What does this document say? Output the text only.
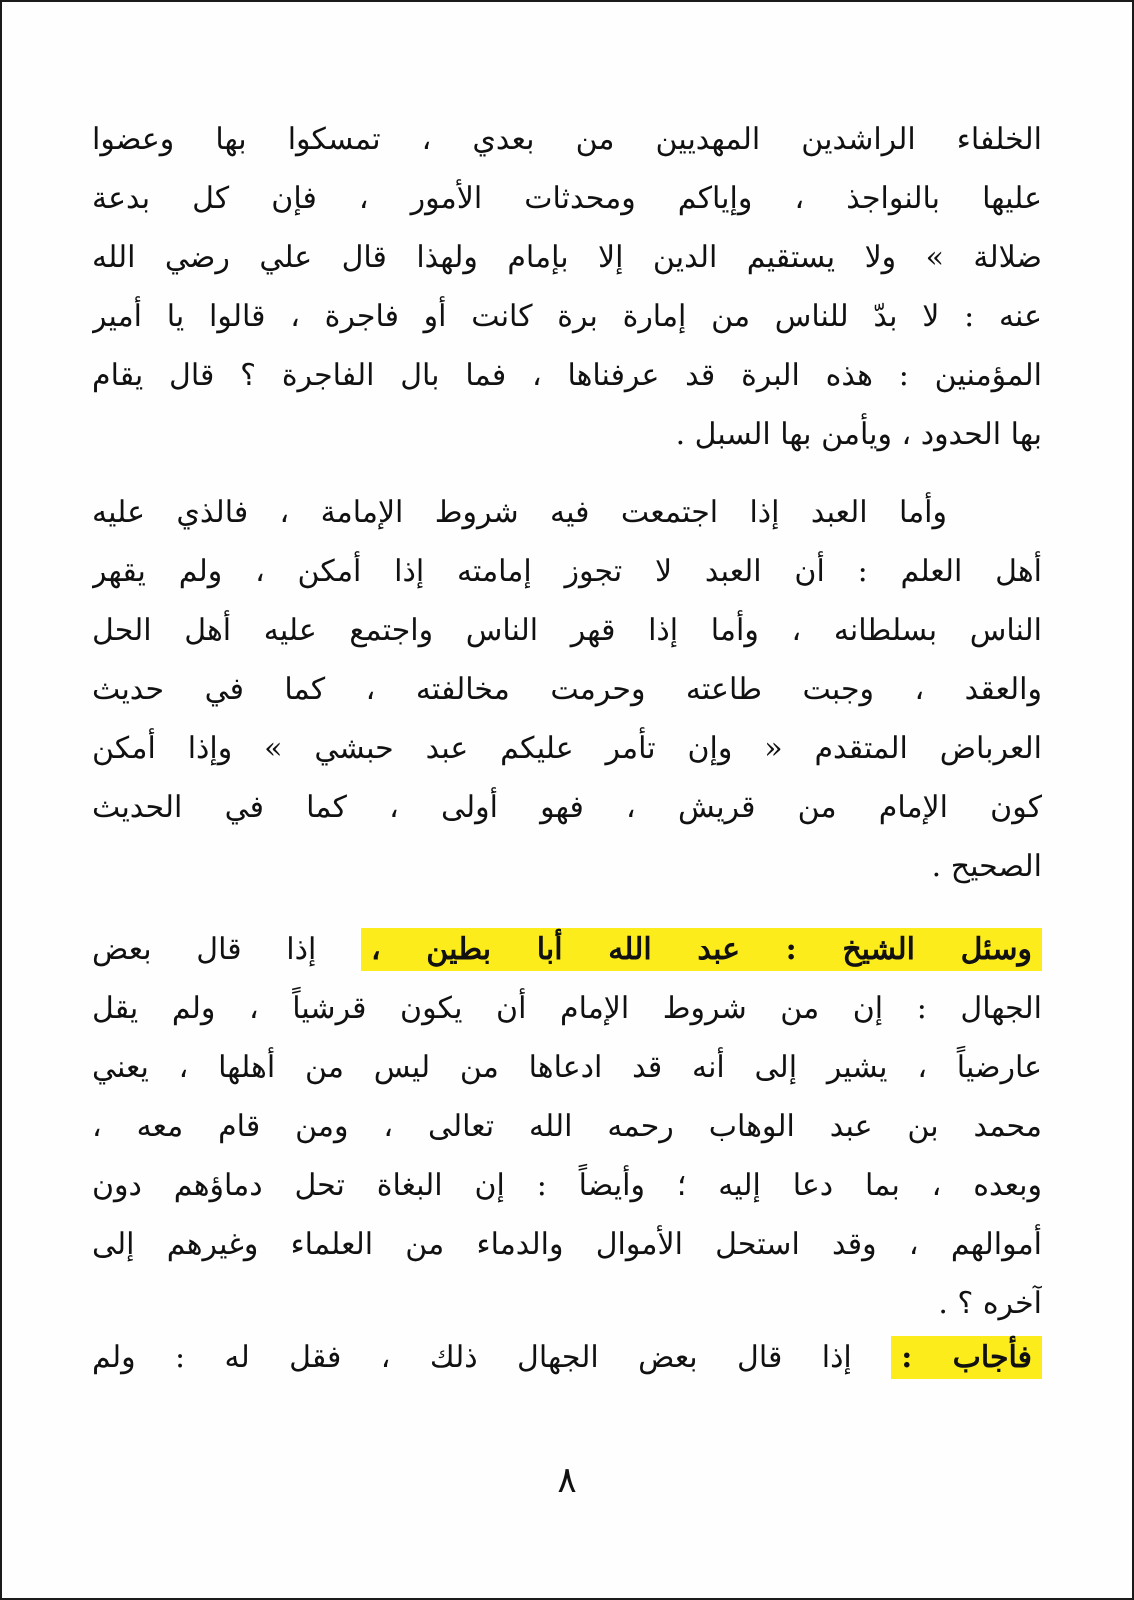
الخلفاء الراشدين المهديين من بعدي ، تمسكوا بها وعضوا
عليها بالنواجذ ، وإياكم ومحدثات الأمور ، فإن كل بدعة
ضلالة » ولا يستقيم الدين إلا بإمام ولهذا قال علي رضي الله
عنه : لا بدّ للناس من إمارة برة كانت أو فاجرة ، قالوا يا أمير
المؤمنين : هذه البرة قد عرفناها ، فما بال الفاجرة ؟ قال يقام
بها الحدود ، ويأمن بها السبل .
وأما العبد إذا اجتمعت فيه شروط الإمامة ، فالذي عليه
أهل العلم : أن العبد لا تجوز إمامته إذا أمكن ، ولم يقهر
الناس بسلطانه ، وأما إذا قهر الناس واجتمع عليه أهل الحل
والعقد ، وجبت طاعته وحرمت مخالفته ، كما في حديث
العرباض المتقدم « وإن تأمر عليكم عبد حبشي » وإذا أمكن
كون الإمام من قريش ، فهو أولى ، كما في الحديث
الصحيح .
وسئل الشيخ : عبد الله أبا بطين ، إذا قال بعض
الجهال : إن من شروط الإمام أن يكون قرشياً ، ولم يقل
عارضياً ، يشير إلى أنه قد ادعاها من ليس من أهلها ، يعني
محمد بن عبد الوهاب رحمه الله تعالى ، ومن قام معه ،
وبعده ، بما دعا إليه ؛ وأيضاً : إن البغاة تحل دماؤهم دون
أموالهم ، وقد استحل الأموال والدماء من العلماء وغيرهم إلى
آخره ؟ .
فأجاب : إذا قال بعض الجهال ذلك ، فقل له : ولم
٨
